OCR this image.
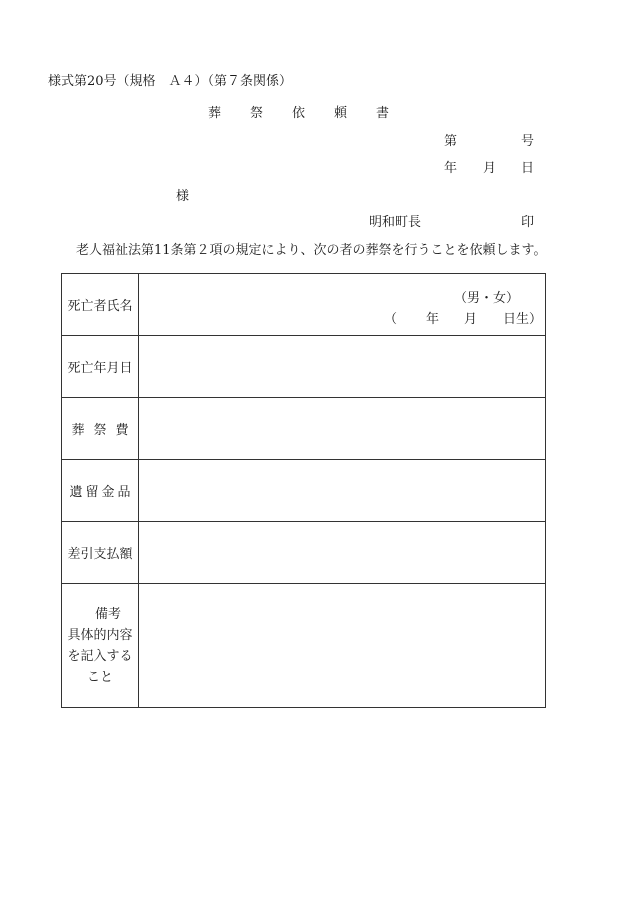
様式第20号（規格　Ａ４）（第７条関係）
葬祭依頼書
第	号
年 月 日
様
明和町長	印
老人福祉法第11条第２項の規定により、次の者の葬祭を行うことを依頼します。
死亡者氏名	（男・女）
（ 年 月 日生）

死亡年月日	
葬祭費	
遺留金品	
差引支払額	

備考
具体的内容
を記入する
こと	
